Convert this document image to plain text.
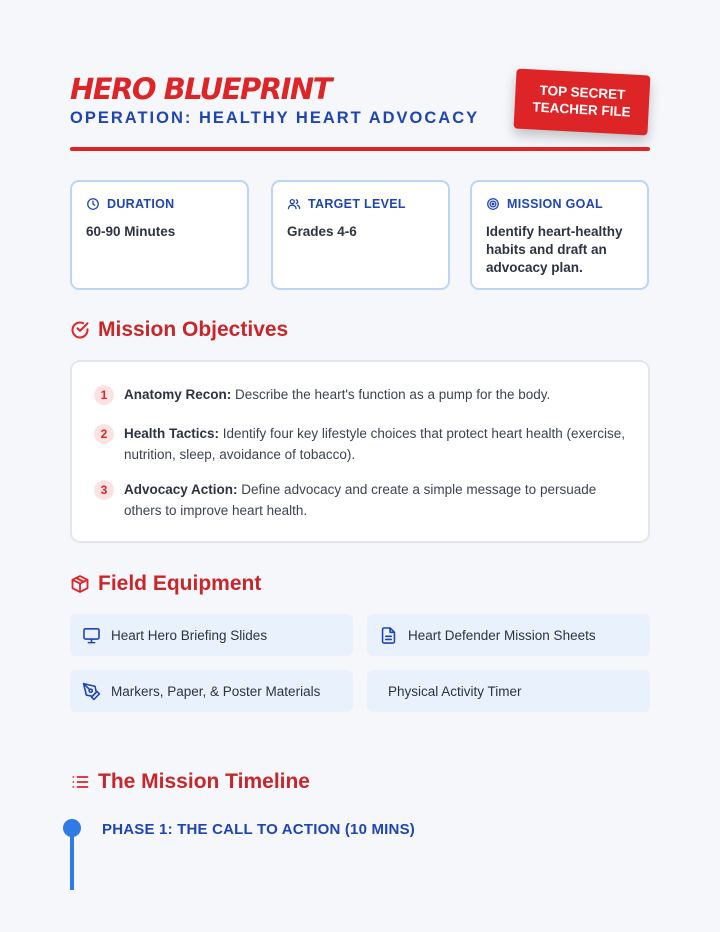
HERO BLUEPRINT
OPERATION: HEALTHY HEART ADVOCACY
TOP SECRET
TEACHER FILE
DURATION
60-90 Minutes
TARGET LEVEL
Grades 4-6
MISSION GOAL
Identify heart-healthy habits and draft an advocacy plan.
Mission Objectives
1	Anatomy Recon: Describe the heart's function as a pump for the body.
2	Health Tactics: Identify four key lifestyle choices that protect heart health (exercise, nutrition, sleep, avoidance of tobacco).
3	Advocacy Action: Define advocacy and create a simple message to persuade others to improve heart health.
Field Equipment
Heart Hero Briefing Slides	Heart Defender Mission Sheets
Markers, Paper, & Poster Materials	Physical Activity Timer
The Mission Timeline
PHASE 1: THE CALL TO ACTION (10 MINS)
